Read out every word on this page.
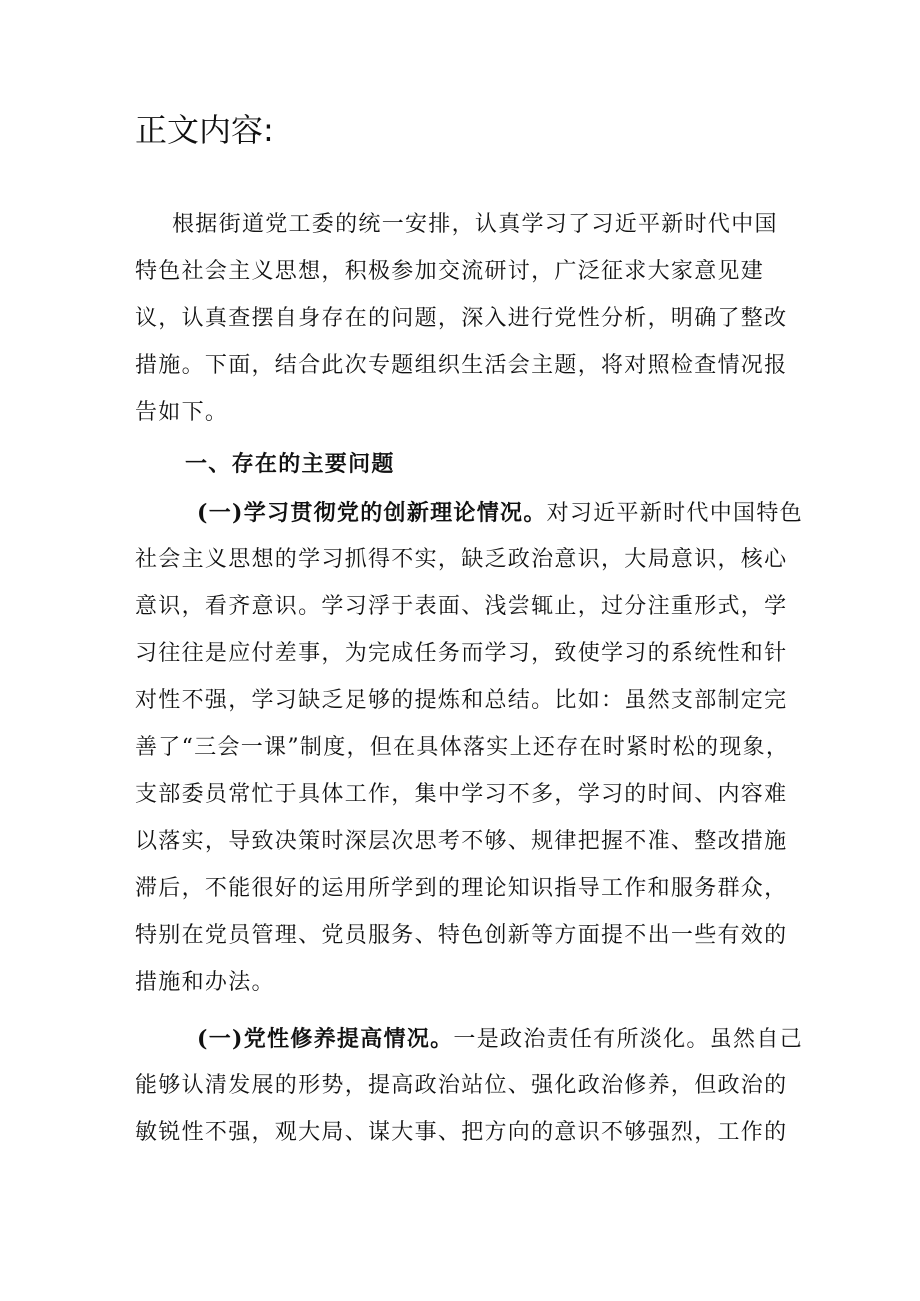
正文内容:
根据街道党工委的统一安排，认真学习了习近平新时代中国
特色社会主义思想，积极参加交流研讨，广泛征求大家意见建
议，认真查摆自身存在的问题，深入进行党性分析，明确了整改
措施。下面，结合此次专题组织生活会主题，将对照检查情况报
告如下。
一、存在的主要问题
(一)学习贯彻党的创新理论情况。对习近平新时代中国特色
社会主义思想的学习抓得不实，缺乏政治意识，大局意识，核心
意识，看齐意识。学习浮于表面、浅尝辄止，过分注重形式，学
习往往是应付差事，为完成任务而学习，致使学习的系统性和针
对性不强，学习缺乏足够的提炼和总结。比如：虽然支部制定完
善了“三会一课”制度，但在具体落实上还存在时紧时松的现象，
支部委员常忙于具体工作，集中学习不多，学习的时间、内容难
以落实，导致决策时深层次思考不够、规律把握不准、整改措施
滞后，不能很好的运用所学到的理论知识指导工作和服务群众，
特别在党员管理、党员服务、特色创新等方面提不出一些有效的
措施和办法。
(一)党性修养提高情况。一是政治责任有所淡化。虽然自己
能够认清发展的形势，提高政治站位、强化政治修养，但政治的
敏锐性不强，观大局、谋大事、把方向的意识不够强烈，工作的
